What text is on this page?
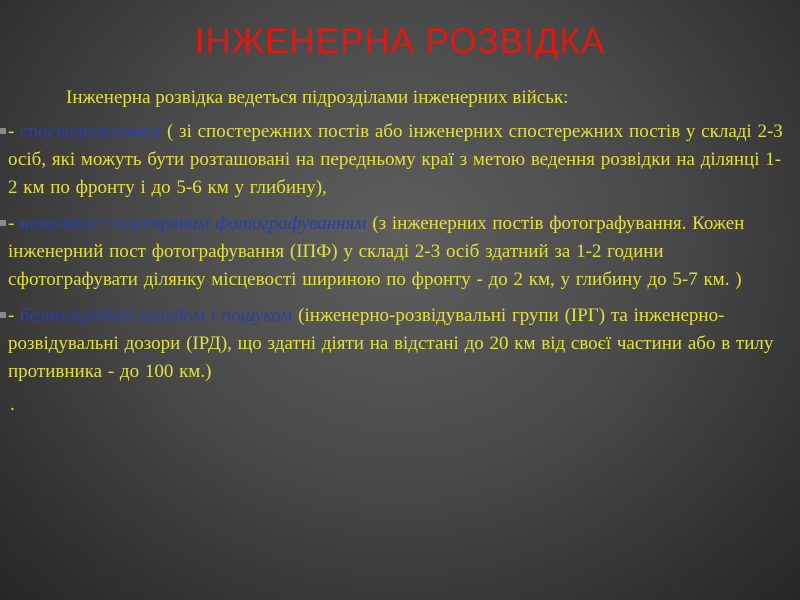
ІНЖЕНЕРНА РОЗВІДКА

Інженерна розвідка ведеться підрозділами інженерних військ:

- спостереженням ( зі спостережних постів або інженерних спостережних постів у складі 2-3 осіб, які можуть бути розташовані на передньому краї з метою ведення розвідки на ділянці 1-2 км по фронту і до 5-6 км у глибину),
- наземним і повітряним фотографуванням (з інженерних постів фотографування. Кожен інженерний пост фотографування (ІПФ) у складі 2-3 осіб здатний за 1-2 години сфотографувати ділянку місцевості шириною по фронту - до 2 км, у глибину до 5-7 км. )
- безпосереднім оглядом і пошуком (інженерно-розвідувальні групи (ІРГ) та інженерно-розвідувальні дозори (ІРД), що здатні діяти на відстані до 20 км від своєї частини або в тилу противника - до 100 км.)
.
